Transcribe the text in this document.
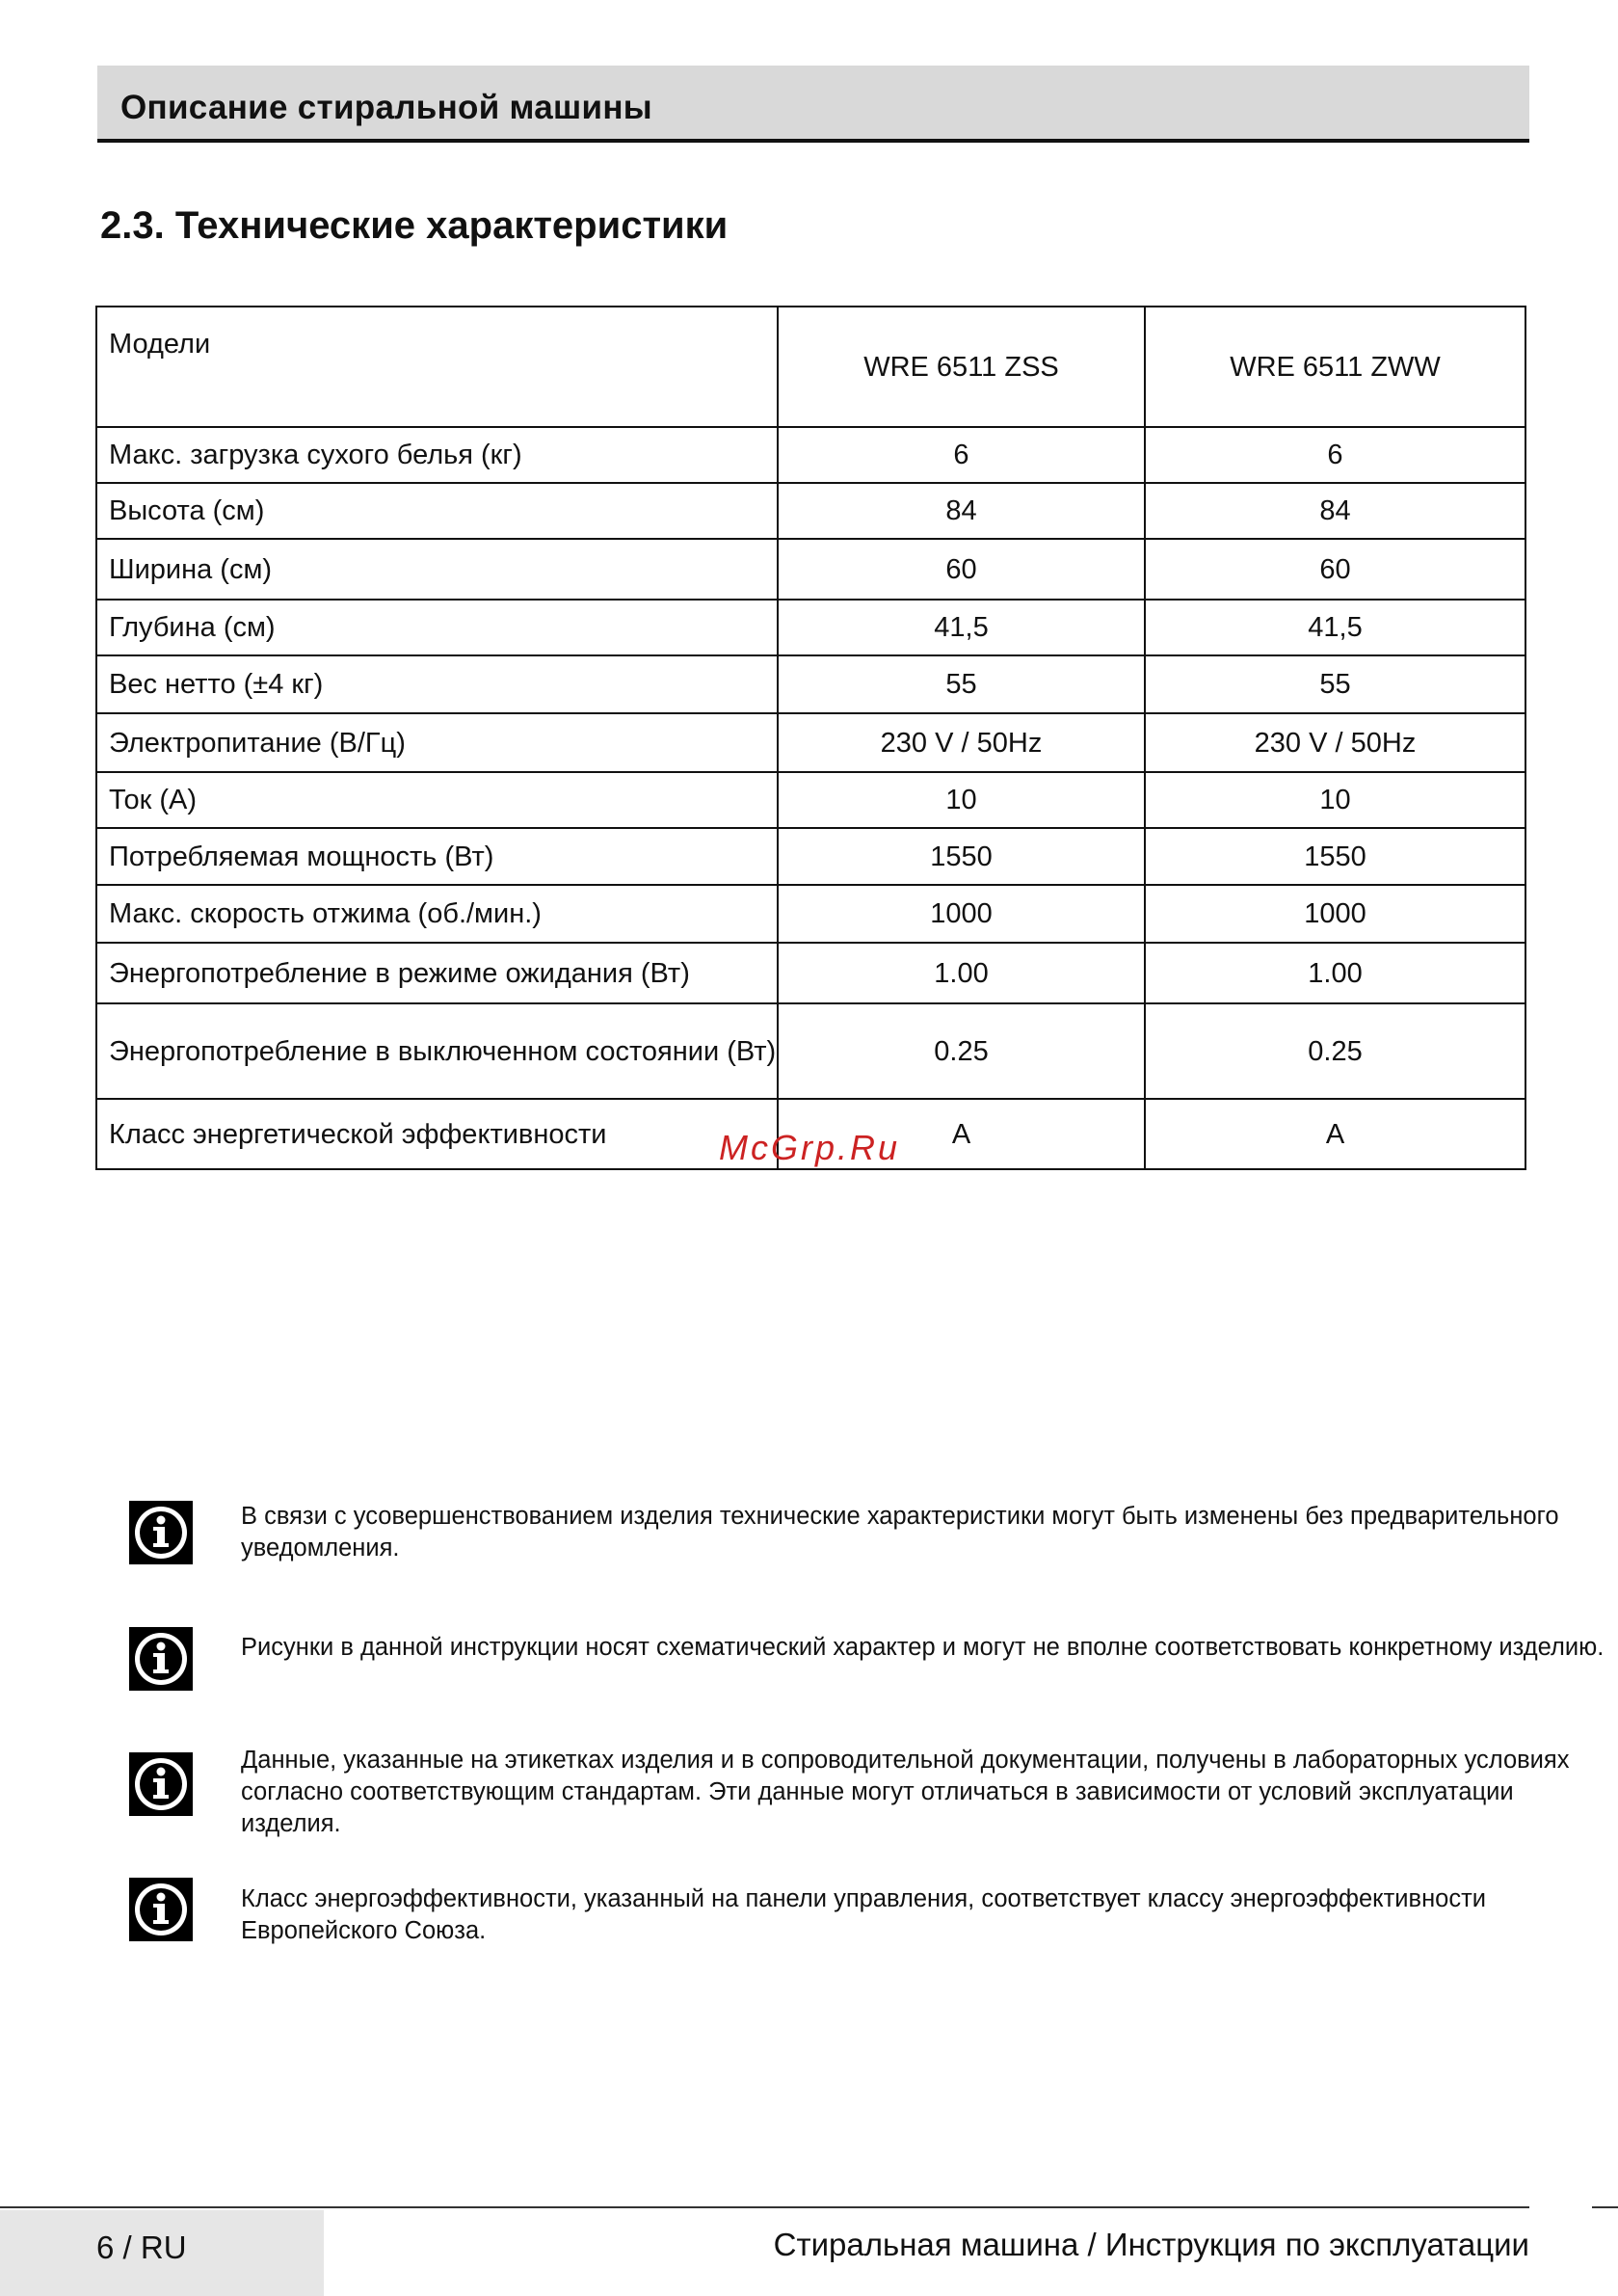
Описание стиральной машины
2.3. Технические характеристики
Модели	WRE 6511 ZSS	WRE 6511 ZWW
Макс. загрузка сухого белья (кг)	6	6
Высота (см)	84	84
Ширина (см)	60	60
Глубина (см)	41,5	41,5
Вес нетто (±4 кг)	55	55
Электропитание (В/Гц)	230 V / 50Hz	230 V / 50Hz
Ток (А)	10	10
Потребляемая мощность (Вт)	1550	1550
Макс. скорость отжима (об./мин.)	1000	1000
Энергопотребление в режиме ожидания (Вт)	1.00	1.00
Энергопотребление в выключенном состоянии (Вт)	0.25	0.25
Класс энергетической эффективности	A	A
McGrp.Ru
В связи с усовершенствованием изделия технические характеристики могут быть изменены без предварительного уведомления.
Рисунки в данной инструкции носят схематический характер и могут не вполне соответствовать конкретному изделию.
Данные, указанные на этикетках изделия и в сопроводительной документации, получены в лабораторных условиях согласно соответствующим стандартам. Эти данные могут отличаться в зависимости от условий эксплуатации изделия.
Класс энергоэффективности, указанный на панели управления, соответствует классу энергоэффективности Европейского Союза.
6 / RU	Стиральная машина / Инструкция по эксплуатации
